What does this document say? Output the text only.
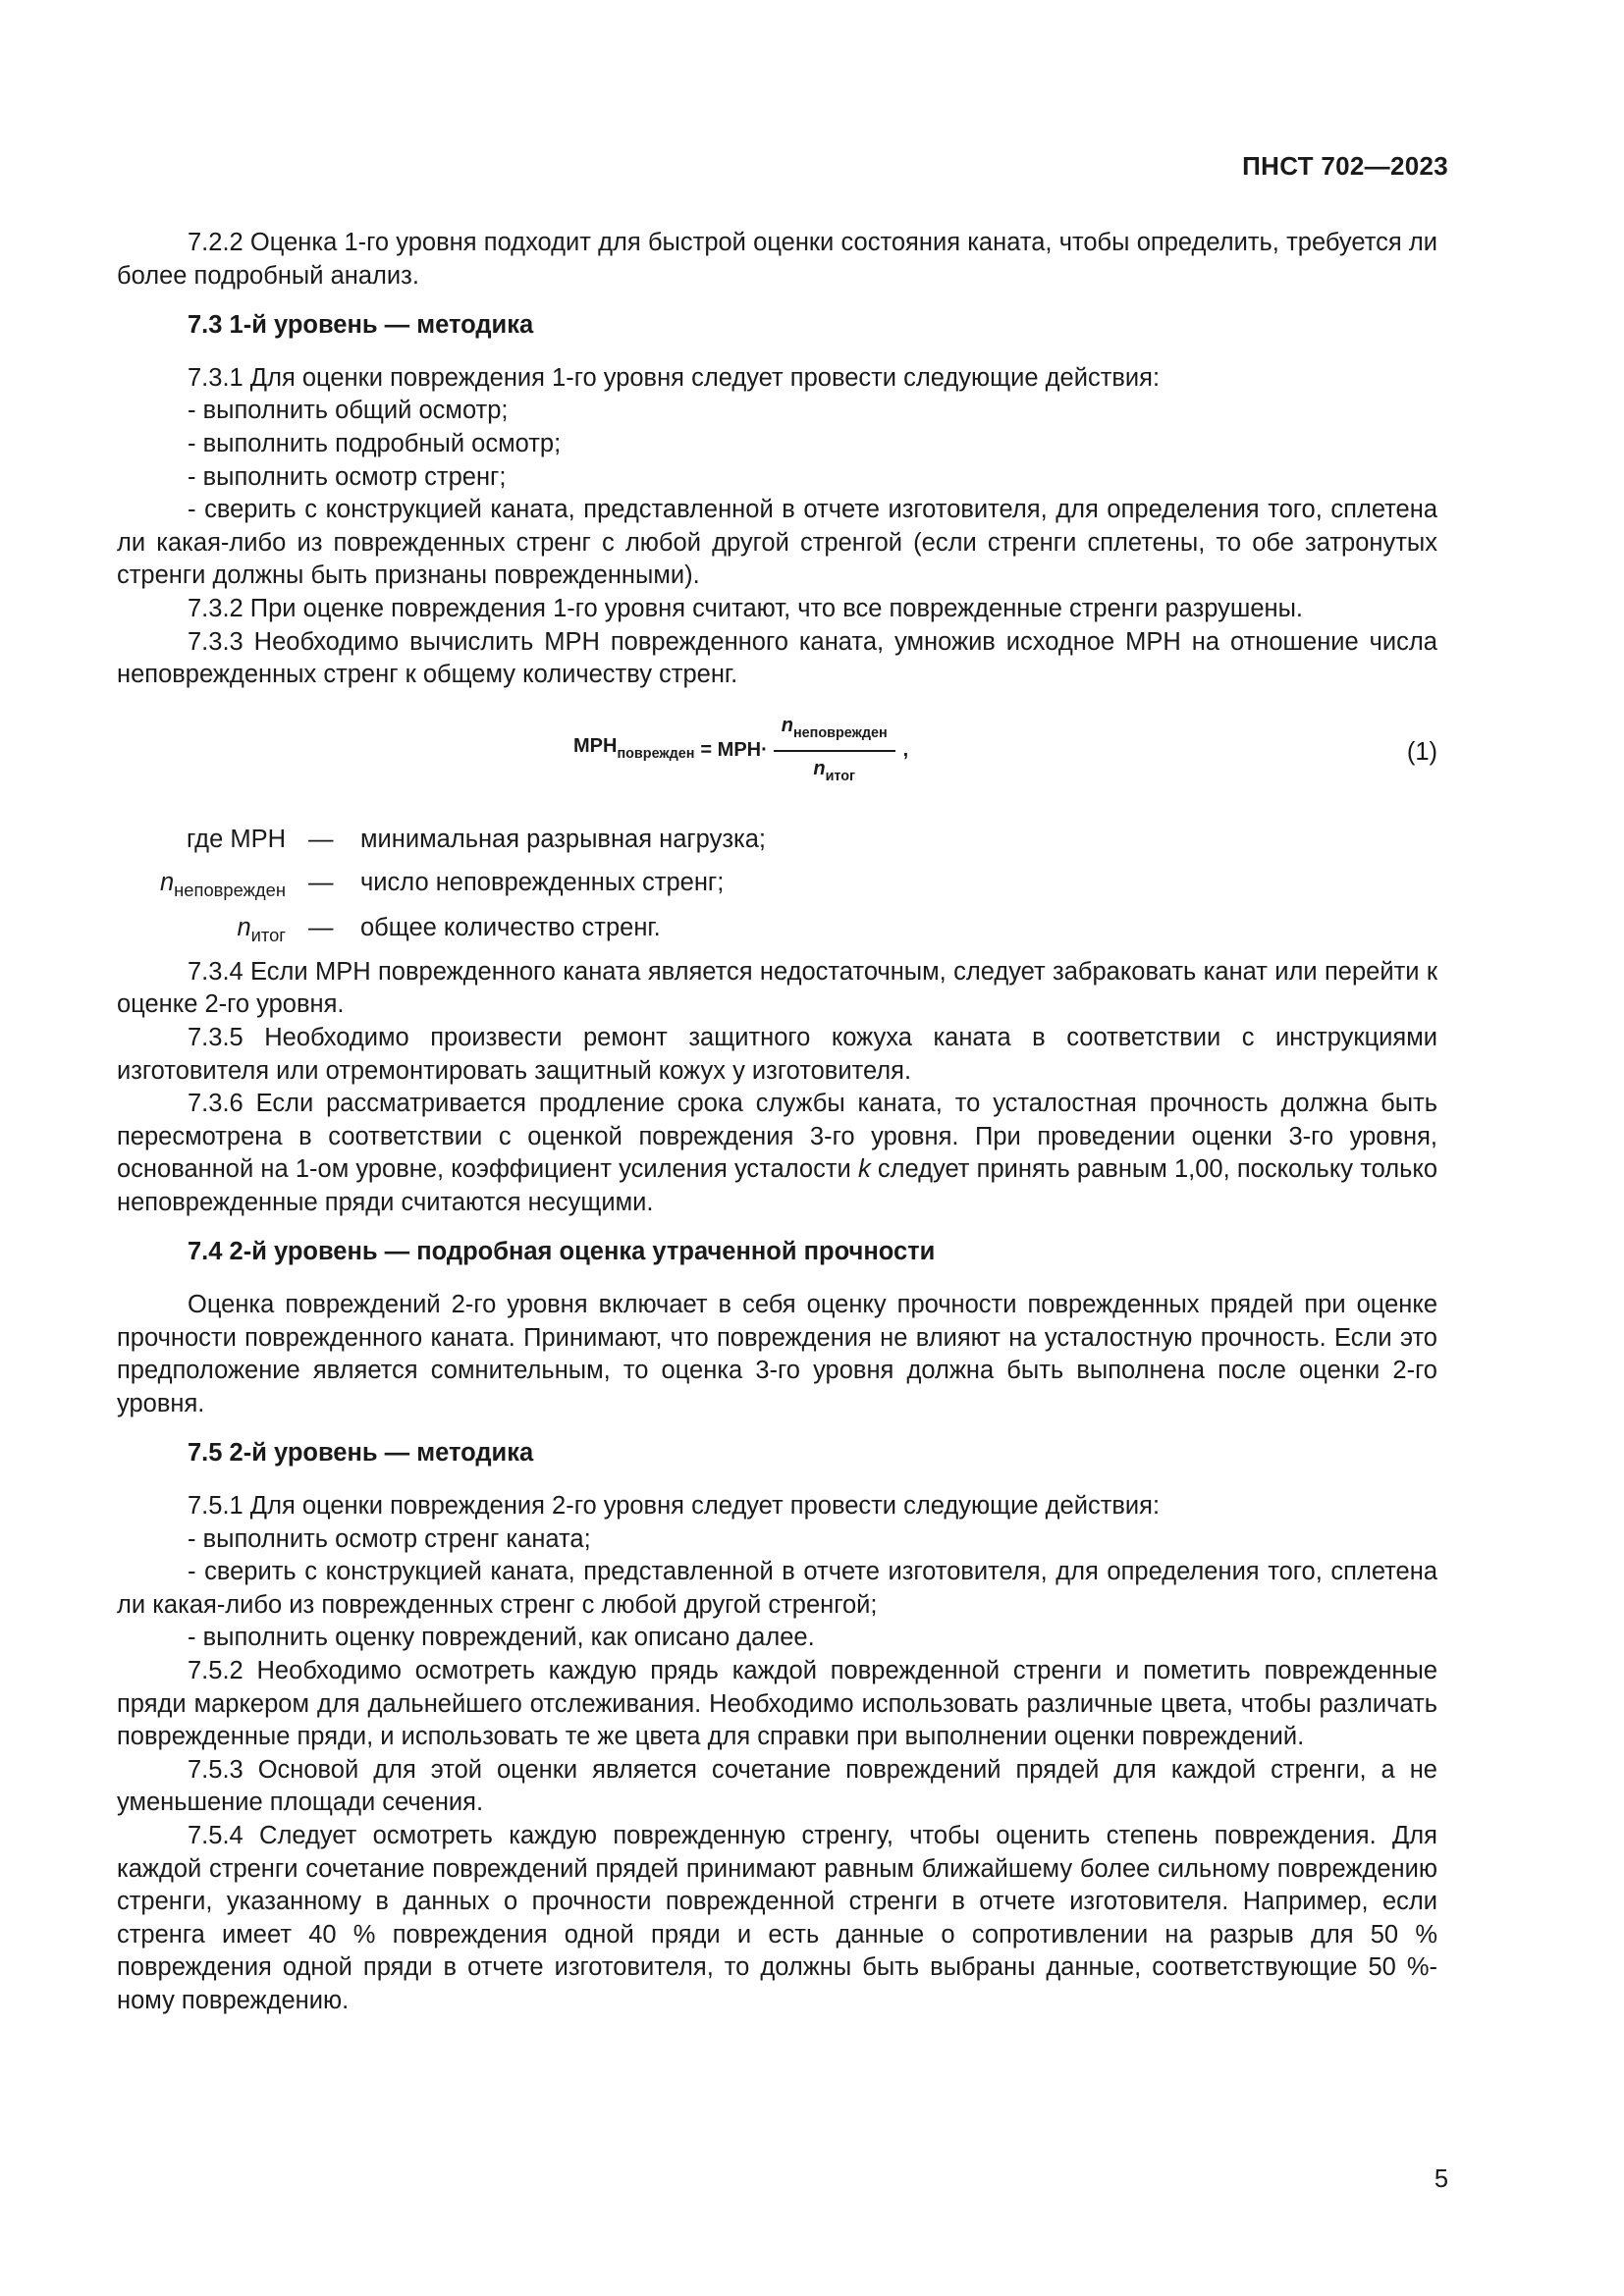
ПНСТ 702—2023

7.2.2 Оценка 1-го уровня подходит для быстрой оценки состояния каната, чтобы определить, требуется ли более подробный анализ.

7.3 1-й уровень — методика

7.3.1 Для оценки повреждения 1-го уровня следует провести следующие действия:

- выполнить общий осмотр;

- выполнить подробный осмотр;

- выполнить осмотр стренг;

- сверить с конструкцией каната, представленной в отчете изготовителя, для определения того, сплетена ли какая-либо из поврежденных стренг с любой другой стренгой (если стренги сплетены, то обе затронутых стренги должны быть признаны поврежденными).

7.3.2 При оценке повреждения 1-го уровня считают, что все поврежденные стренги разрушены.

7.3.3 Необходимо вычислить МРН поврежденного каната, умножив исходное МРН на отношение числа неповрежденных стренг к общему количеству стренг.

$МРН_{поврежден} = МРН\cdot \frac{n_{неповрежден}}{n_{итог}}$ ,	(1)
где МРН — минимальная разрывная нагрузка;
$n_{неповрежден}$ — число неповрежденных стренг;
$n_{итог}$ — общее количество стренг.

7.3.4 Если МРН поврежденного каната является недостаточным, следует забраковать канат или перейти к оценке 2-го уровня.

7.3.5 Необходимо произвести ремонт защитного кожуха каната в соответствии с инструкциями изготовителя или отремонтировать защитный кожух у изготовителя.

7.3.6 Если рассматривается продление срока службы каната, то усталостная прочность должна быть пересмотрена в соответствии с оценкой повреждения 3-го уровня. При проведении оценки 3-го уровня, основанной на 1-ом уровне, коэффициент усиления усталости k следует принять равным 1,00, поскольку только неповрежденные пряди считаются несущими.

7.4 2-й уровень — подробная оценка утраченной прочности

Оценка повреждений 2-го уровня включает в себя оценку прочности поврежденных прядей при оценке прочности поврежденного каната. Принимают, что повреждения не влияют на усталостную прочность. Если это предположение является сомнительным, то оценка 3-го уровня должна быть выполнена после оценки 2-го уровня.

7.5 2-й уровень — методика

7.5.1 Для оценки повреждения 2-го уровня следует провести следующие действия:

- выполнить осмотр стренг каната;

- сверить с конструкцией каната, представленной в отчете изготовителя, для определения того, сплетена ли какая-либо из поврежденных стренг с любой другой стренгой;

- выполнить оценку повреждений, как описано далее.

7.5.2 Необходимо осмотреть каждую прядь каждой поврежденной стренги и пометить поврежденные пряди маркером для дальнейшего отслеживания. Необходимо использовать различные цвета, чтобы различать поврежденные пряди, и использовать те же цвета для справки при выполнении оценки повреждений.

7.5.3 Основой для этой оценки является сочетание повреждений прядей для каждой стренги, а не уменьшение площади сечения.

7.5.4 Следует осмотреть каждую поврежденную стренгу, чтобы оценить степень повреждения. Для каждой стренги сочетание повреждений прядей принимают равным ближайшему более сильному повреждению стренги, указанному в данных о прочности поврежденной стренги в отчете изготовителя. Например, если стренга имеет 40 % повреждения одной пряди и есть данные о сопротивлении на разрыв для 50 % повреждения одной пряди в отчете изготовителя, то должны быть выбраны данные, соответствующие 50 %-ному повреждению.

5
